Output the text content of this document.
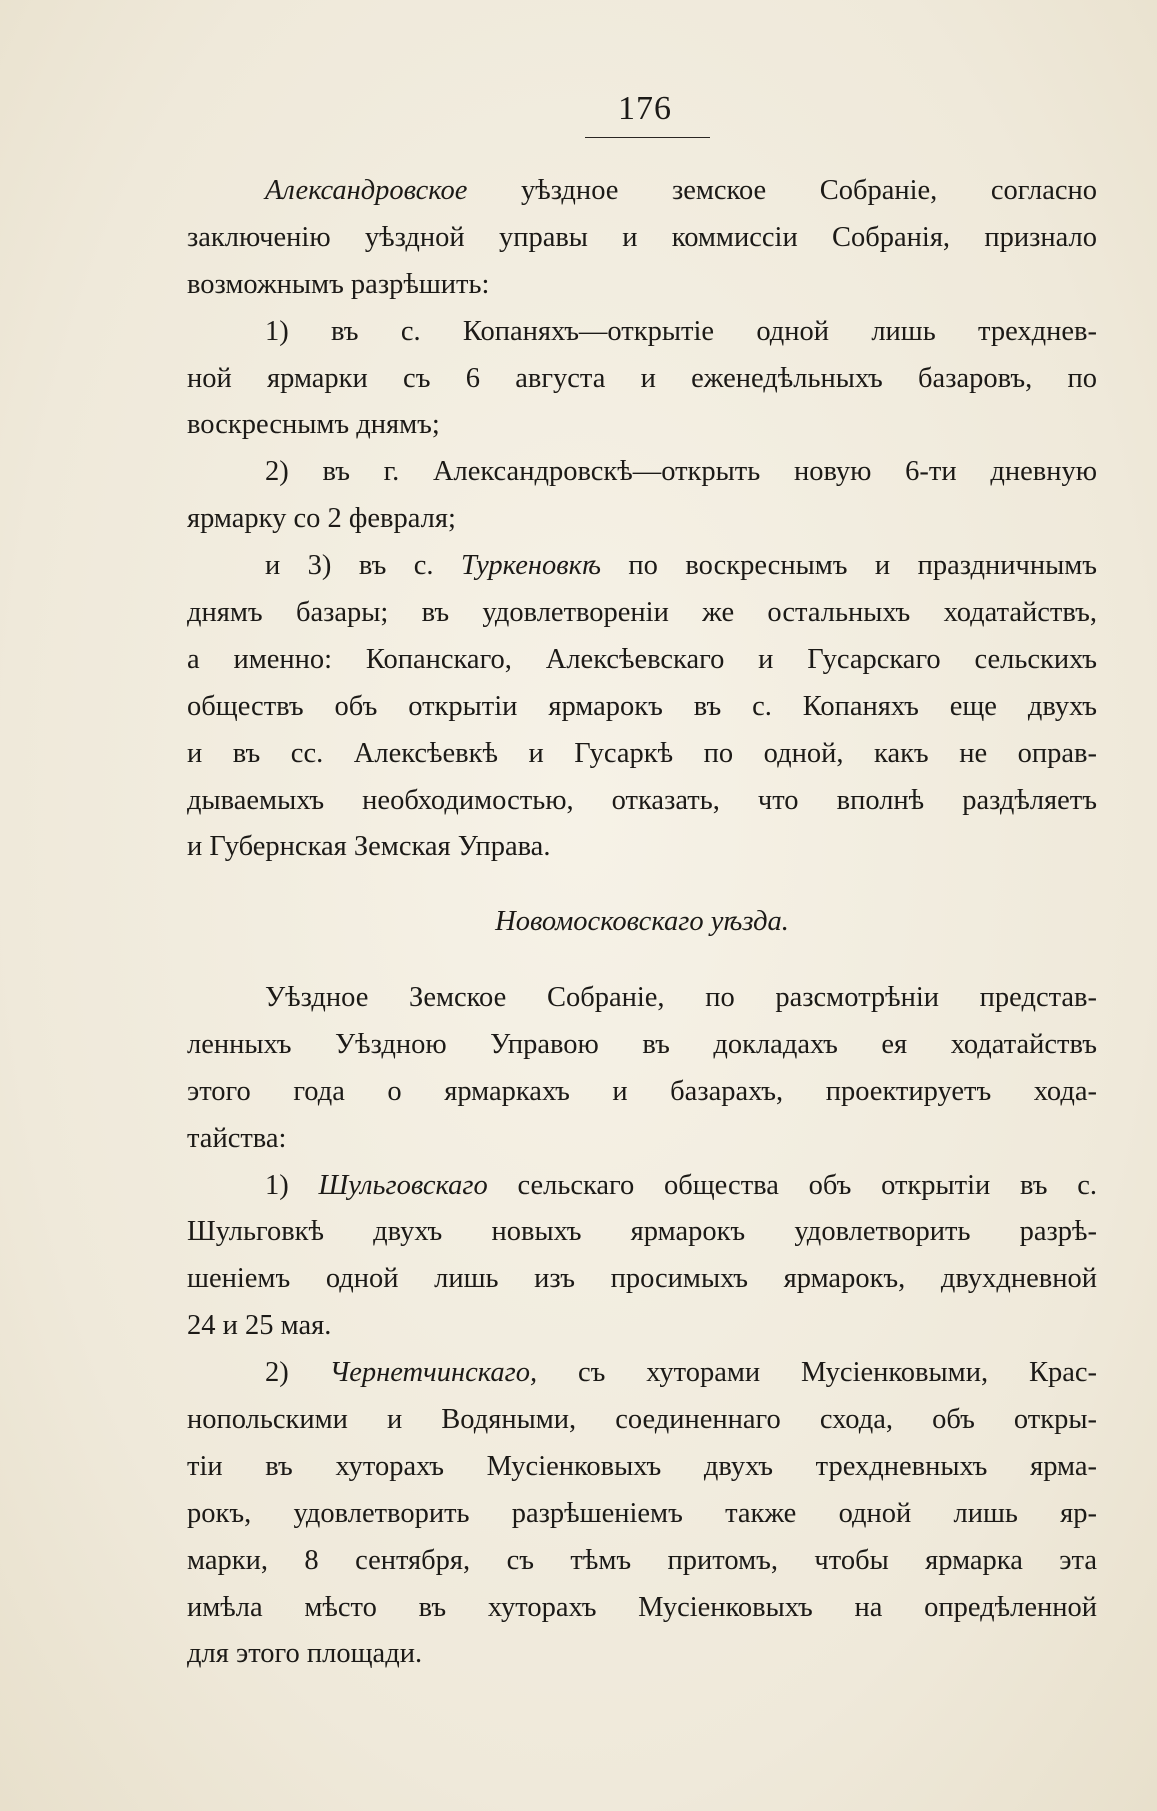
176
Александровское уѣздное земское Собраніе, согласно
заключенію уѣздной управы и коммиссіи Собранія, признало
возможнымъ разрѣшить:
1) въ с. Копаняхъ—открытіе одной лишь трехднев-
ной ярмарки съ 6 августа и еженедѣльныхъ базаровъ, по
воскреснымъ днямъ;
2) въ г. Александровскѣ—открыть новую 6-ти дневную
ярмарку со 2 февраля;
и 3) въ с. Туркеновкѣ по воскреснымъ и праздничнымъ
днямъ базары; въ удовлетвореніи же остальныхъ ходатайствъ,
а именно: Копанскаго, Алексѣевскаго и Гусарскаго сельскихъ
обществъ объ открытіи ярмарокъ въ с. Копаняхъ еще двухъ
и въ сс. Алексѣевкѣ и Гусаркѣ по одной, какъ не оправ-
дываемыхъ необходимостью, отказать, что вполнѣ раздѣляетъ
и Губернская Земская Управа.
Новомосковскаго уѣзда.
Уѣздное Земское Собраніе, по разсмотрѣніи представ-
ленныхъ Уѣздною Управою въ докладахъ ея ходатайствъ
этого года о ярмаркахъ и базарахъ, проектируетъ хода-
тайства:
1) Шульговскаго сельскаго общества объ открытіи въ с.
Шульговкѣ двухъ новыхъ ярмарокъ удовлетворить разрѣ-
шеніемъ одной лишь изъ просимыхъ ярмарокъ, двухдневной
24 и 25 мая.
2) Чернетчинскаго, съ хуторами Мусіенковыми, Крас-
нопольскими и Водяными, соединеннаго схода, объ откры-
тіи въ хуторахъ Мусіенковыхъ двухъ трехдневныхъ ярма-
рокъ, удовлетворить разрѣшеніемъ также одной лишь яр-
марки, 8 сентября, съ тѣмъ притомъ, чтобы ярмарка эта
имѣла мѣсто въ хуторахъ Мусіенковыхъ на опредѣленной
для этого площади.
